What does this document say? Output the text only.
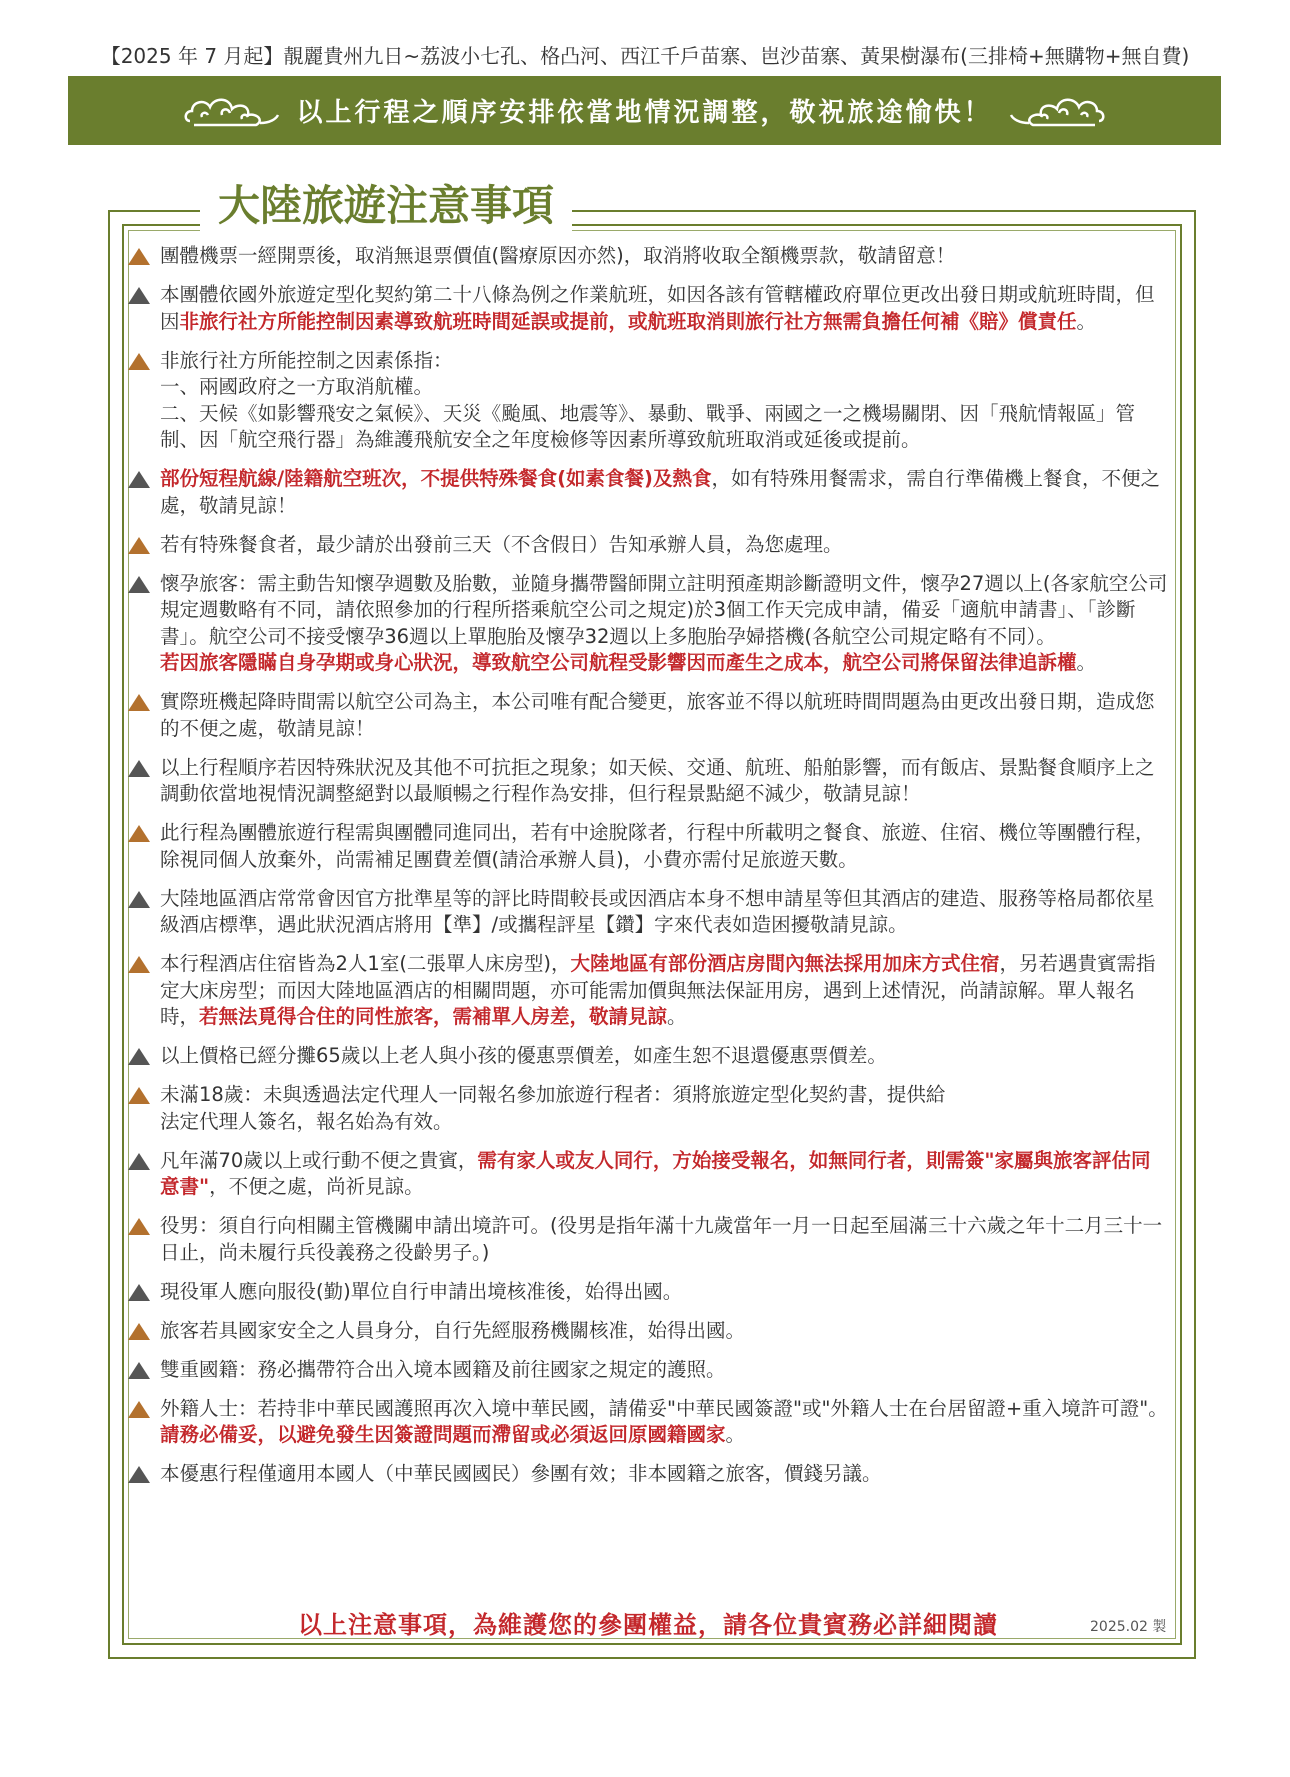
【2025 年 7 月起】靚麗貴州九日~荔波小七孔、格凸河、西江千戶苗寨、岜沙苗寨、黃果樹瀑布(三排椅+無購物+無自費)
以上行程之順序安排依當地情況調整，敬祝旅途愉快！
大陸旅遊注意事項
團體機票一經開票後，取消無退票價值(醫療原因亦然)，取消將收取全額機票款，敬請留意！
本團體依國外旅遊定型化契約第二十八條為例之作業航班，如因各該有管轄權政府單位更改出發日期或航班時間，但因非旅行社方所能控制因素導致航班時間延誤或提前，或航班取消則旅行社方無需負擔任何補《賠》償責任。
非旅行社方所能控制之因素係指：
一、兩國政府之一方取消航權。
二、天候《如影響飛安之氣候》、天災《颱風、地震等》、暴動、戰爭、兩國之一之機場關閉、因「飛航情報區」管制、因「航空飛行器」為維護飛航安全之年度檢修等因素所導致航班取消或延後或提前。
部份短程航線/陸籍航空班次，不提供特殊餐食(如素食餐)及熱食，如有特殊用餐需求，需自行準備機上餐食，不便之處，敬請見諒！
若有特殊餐食者，最少請於出發前三天（不含假日）告知承辦人員，為您處理。
懷孕旅客：需主動告知懷孕週數及胎數，並隨身攜帶醫師開立註明預產期診斷證明文件，懷孕27週以上(各家航空公司規定週數略有不同，請依照參加的行程所搭乘航空公司之規定)於3個工作天完成申請，備妥「適航申請書」、「診斷書」。航空公司不接受懷孕36週以上單胞胎及懷孕32週以上多胞胎孕婦搭機(各航空公司規定略有不同）。
若因旅客隱瞞自身孕期或身心狀況，導致航空公司航程受影響因而產生之成本，航空公司將保留法律追訴權。
實際班機起降時間需以航空公司為主，本公司唯有配合變更，旅客並不得以航班時間問題為由更改出發日期，造成您的不便之處，敬請見諒！
以上行程順序若因特殊狀況及其他不可抗拒之現象；如天候、交通、航班、船舶影響，而有飯店、景點餐食順序上之調動依當地視情況調整絕對以最順暢之行程作為安排，但行程景點絕不減少，敬請見諒！
此行程為團體旅遊行程需與團體同進同出，若有中途脫隊者，行程中所載明之餐食、旅遊、住宿、機位等團體行程，除視同個人放棄外，尚需補足團費差價(請洽承辦人員)，小費亦需付足旅遊天數。
大陸地區酒店常常會因官方批準星等的評比時間較長或因酒店本身不想申請星等但其酒店的建造、服務等格局都依星級酒店標準，遇此狀況酒店將用【準】/或攜程評星【鑽】字來代表如造困擾敬請見諒。
本行程酒店住宿皆為2人1室(二張單人床房型)，大陸地區有部份酒店房間內無法採用加床方式住宿，另若遇貴賓需指定大床房型；而因大陸地區酒店的相關問題，亦可能需加價與無法保証用房，遇到上述情況，尚請諒解。單人報名時，若無法覓得合住的同性旅客，需補單人房差，敬請見諒。
以上價格已經分攤65歲以上老人與小孩的優惠票價差，如產生恕不退還優惠票價差。
未滿18歲：未與透過法定代理人一同報名參加旅遊行程者：須將旅遊定型化契約書，提供給
法定代理人簽名，報名始為有效。
凡年滿70歲以上或行動不便之貴賓，需有家人或友人同行，方始接受報名，如無同行者，則需簽"家屬與旅客評估同意書"，不便之處，尚祈見諒。
役男：須自行向相關主管機關申請出境許可。(役男是指年滿十九歲當年一月一日起至屆滿三十六歲之年十二月三十一日止，尚未履行兵役義務之役齡男子。)
現役軍人應向服役(勤)單位自行申請出境核准後，始得出國。
旅客若具國家安全之人員身分，自行先經服務機關核准，始得出國。
雙重國籍：務必攜帶符合出入境本國籍及前往國家之規定的護照。
外籍人士：若持非中華民國護照再次入境中華民國，請備妥"中華民國簽證"或"外籍人士在台居留證+重入境許可證"。請務必備妥，以避免發生因簽證問題而滯留或必須返回原國籍國家。
本優惠行程僅適用本國人（中華民國國民）參團有效；非本國籍之旅客，價錢另議。
以上注意事項，為維護您的參團權益，請各位貴賓務必詳細閱讀	2025.02 製
